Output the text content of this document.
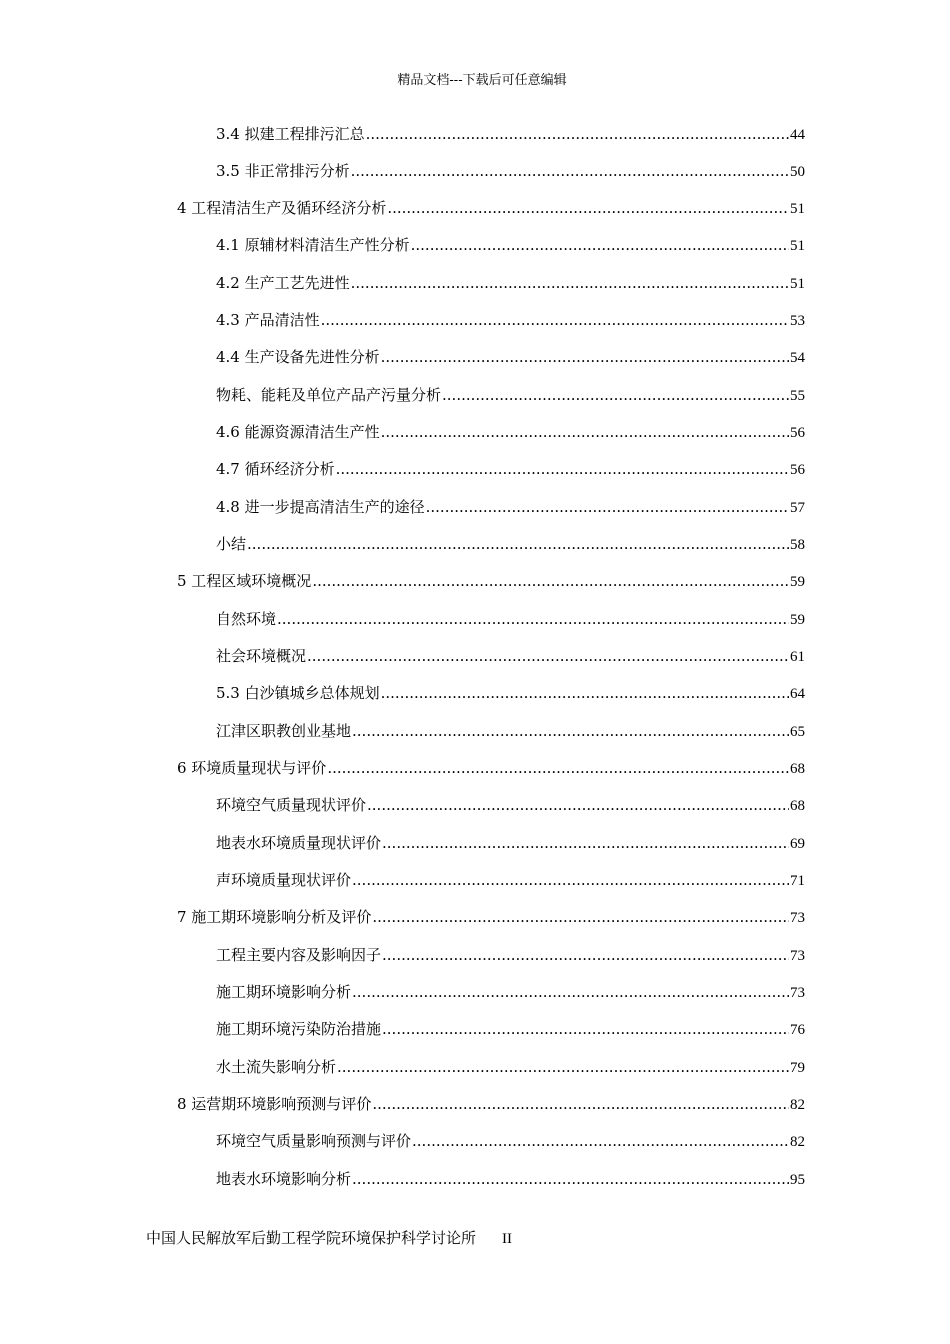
精品文档---下载后可任意编辑
3.4 拟建工程排污汇总 .....	44
3.5 非正常排污分析 .....	50
4 工程清洁生产及循环经济分析 .....	51
4.1 原辅材料清洁生产性分析 .....	51
4.2 生产工艺先进性 .....	51
4.3 产品清洁性 .....	53
4.4 生产设备先进性分析 .....	54
物耗、能耗及单位产品产污量分析 .....	55
4.6 能源资源清洁生产性 .....	56
4.7 循环经济分析 .....	56
4.8 进一步提高清洁生产的途径 .....	57
小结 .....	58
5 工程区域环境概况 .....	59
自然环境 .....	59
社会环境概况 .....	61
5.3 白沙镇城乡总体规划 .....	64
江津区职教创业基地 .....	65
6 环境质量现状与评价 .....	68
环境空气质量现状评价 .....	68
地表水环境质量现状评价 .....	69
声环境质量现状评价 .....	71
7 施工期环境影响分析及评价 .....	73
工程主要内容及影响因子 .....	73
施工期环境影响分析 .....	73
施工期环境污染防治措施 .....	76
水土流失影响分析 .....	79
8 运营期环境影响预测与评价 .....	82
环境空气质量影响预测与评价 .....	82
地表水环境影响分析 .....	95
中国人民解放军后勤工程学院环境保护科学讨论所 II
